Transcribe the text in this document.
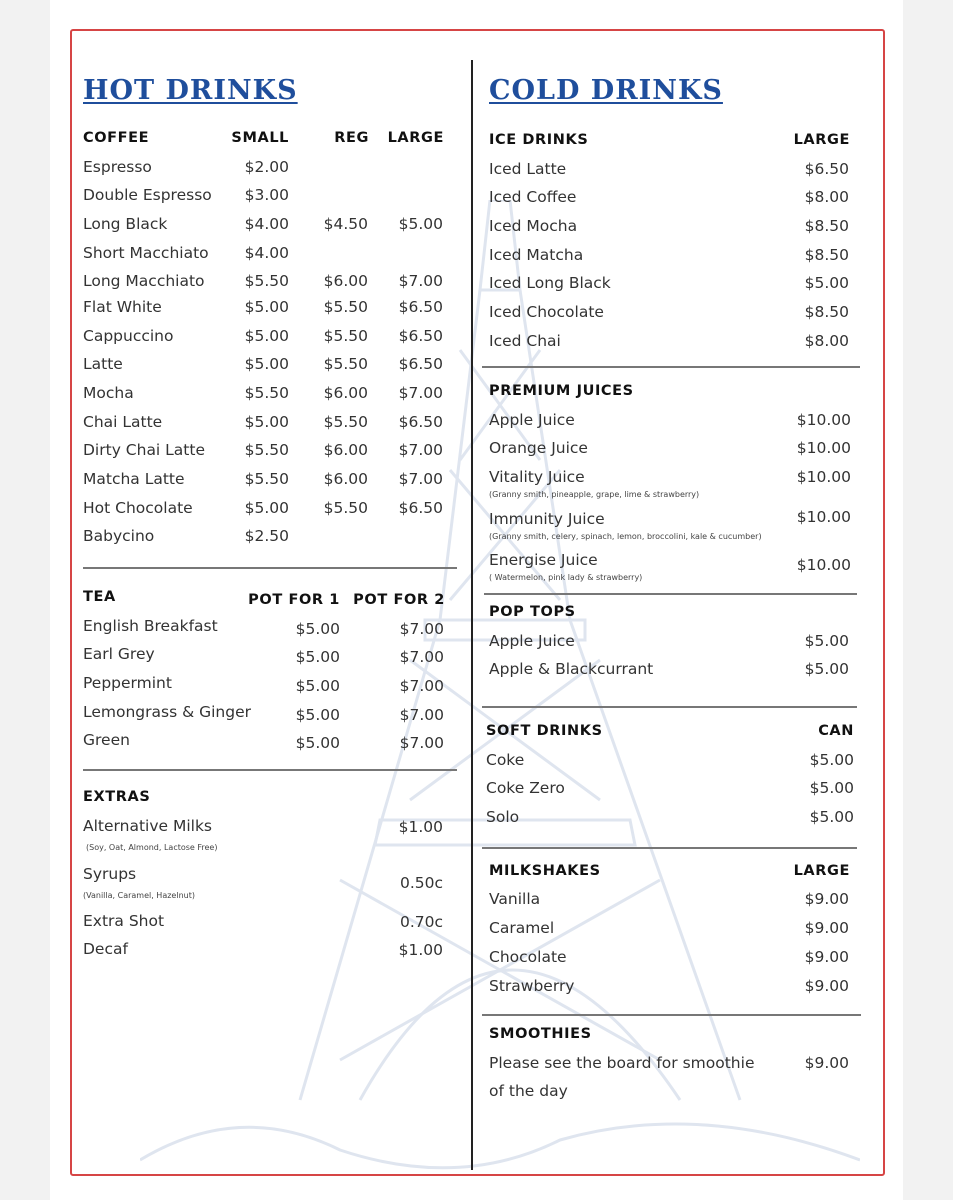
HOT DRINKS
COFFEE	SMALL	REG LARGE
Espresso	$2.00
Double Espresso $3.00
Long Black	$4.00 $4.50 $5.00
Short Macchiato $4.00
Long Macchiato	$5.50 $6.00 $7.00
Flat White	$5.00 $5.50 $6.50
Cappuccino	$5.00 $5.50 $6.50
Latte	$5.00 $5.50 $6.50
Mocha	$5.50 $6.00 $7.00
Chai Latte	$5.00 $5.50 $6.50
Dirty Chai Latte	$5.50 $6.00 $7.00
Matcha Latte	$5.50 $6.00 $7.00
Hot Chocolate	$5.00 $5.50 $6.50
Babycino	$2.50
TEA	POT FOR 1 POT FOR 2
English Breakfast	$5.00	$7.00
Earl Grey	$5.00	$7.00
Peppermint	$5.00	$7.00
Lemongrass & Ginger	$5.00	$7.00
Green	$5.00	$7.00
EXTRAS
Alternative Milks	$1.00
(Soy, Oat, Almond, Lactose Free)
Syrups	0.50c
(Vanilla, Caramel, Hazelnut)
Extra Shot	0.70c
Decaf	$1.00
ICE DRINKS	LARGE
Iced Latte	$6.50
Iced Coffee	$8.00
Iced Mocha	$8.50
Iced Matcha	$8.50
Iced Long Black	$5.00
Iced Chocolate	$8.50
Iced Chai	$8.00
PREMIUM JUICES
Apple Juice	$10.00
Orange Juice	$10.00
Vitality Juice	$10.00
(Granny smith, pineapple, grape, lime & strawberry)
Immunity Juice	$10.00
(Granny smith, celery, spinach, lemon, broccolini, kale & cucumber)
Energise Juice	$10.00
( Watermelon, pink lady & strawberry)
POP TOPS
Apple Juice	$5.00
Apple & Blackcurrant	$5.00
SOFT DRINKS	CAN
Coke	$5.00
Coke Zero	$5.00
Solo	$5.00
MILKSHAKES	LARGE
Vanilla	$9.00
Caramel	$9.00
Chocolate	$9.00
Strawberry	$9.00
SMOOTHIES
Please see the board for smoothie
of the day
$9.00
COLD DRINKS
